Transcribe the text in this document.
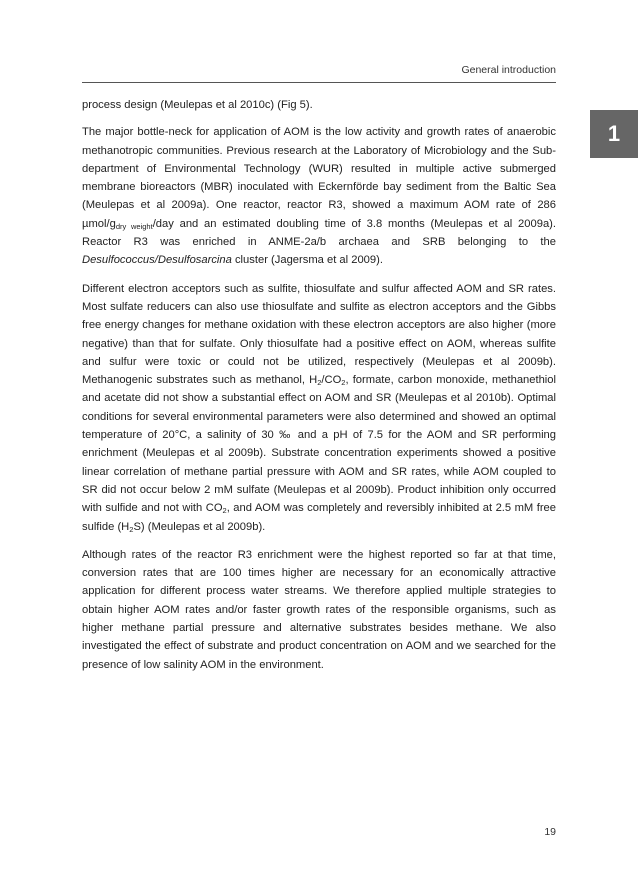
General introduction
1

process design (Meulepas et al 2010c) (Fig 5).

The major bottle-neck for application of AOM is the low activity and growth rates of anaerobic methanotropic communities. Previous research at the Laboratory of Microbiology and the Sub-department of Environmental Technology (WUR) resulted in multiple active submerged membrane bioreactors (MBR) inoculated with Eckernförde bay sediment from the Baltic Sea (Meulepas et al 2009a). One reactor, reactor R3, showed a maximum AOM rate of 286 µmol/$g_{dry weight}$/day and an estimated doubling time of 3.8 months (Meulepas et al 2009a). Reactor R3 was enriched in ANME-2a/b archaea and SRB belonging to the Desulfococcus/Desulfosarcina cluster (Jagersma et al 2009).

Different electron acceptors such as sulfite, thiosulfate and sulfur affected AOM and SR rates. Most sulfate reducers can also use thiosulfate and sulfite as electron acceptors and the Gibbs free energy changes for methane oxidation with these electron acceptors are also higher (more negative) than that for sulfate. Only thiosulfate had a positive effect on AOM, whereas sulfite and sulfur were toxic or could not be utilized, respectively (Meulepas et al 2009b). Methanogenic substrates such as methanol, $H_2/CO_2$, formate, carbon monoxide, methanethiol and acetate did not show a substantial effect on AOM and SR (Meulepas et al 2010b). Optimal conditions for several environmental parameters were also determined and showed an optimal temperature of 20°C, a salinity of 30 ‰ and a pH of 7.5 for the AOM and SR performing enrichment (Meulepas et al 2009b). Substrate concentration experiments showed a positive linear correlation of methane partial pressure with AOM and SR rates, while AOM coupled to SR did not occur below 2 mM sulfate (Meulepas et al 2009b). Product inhibition only occurred with sulfide and not with $CO_2$, and AOM was completely and reversibly inhibited at 2.5 mM free sulfide $(H_2S)$ (Meulepas et al 2009b).

Although rates of the reactor R3 enrichment were the highest reported so far at that time, conversion rates that are 100 times higher are necessary for an economically attractive application for different process water streams. We therefore applied multiple strategies to obtain higher AOM rates and/or faster growth rates of the responsible organisms, such as higher methane partial pressure and alternative substrates besides methane. We also investigated the effect of substrate and product concentration on AOM and we searched for the presence of low salinity AOM in the environment.

19
